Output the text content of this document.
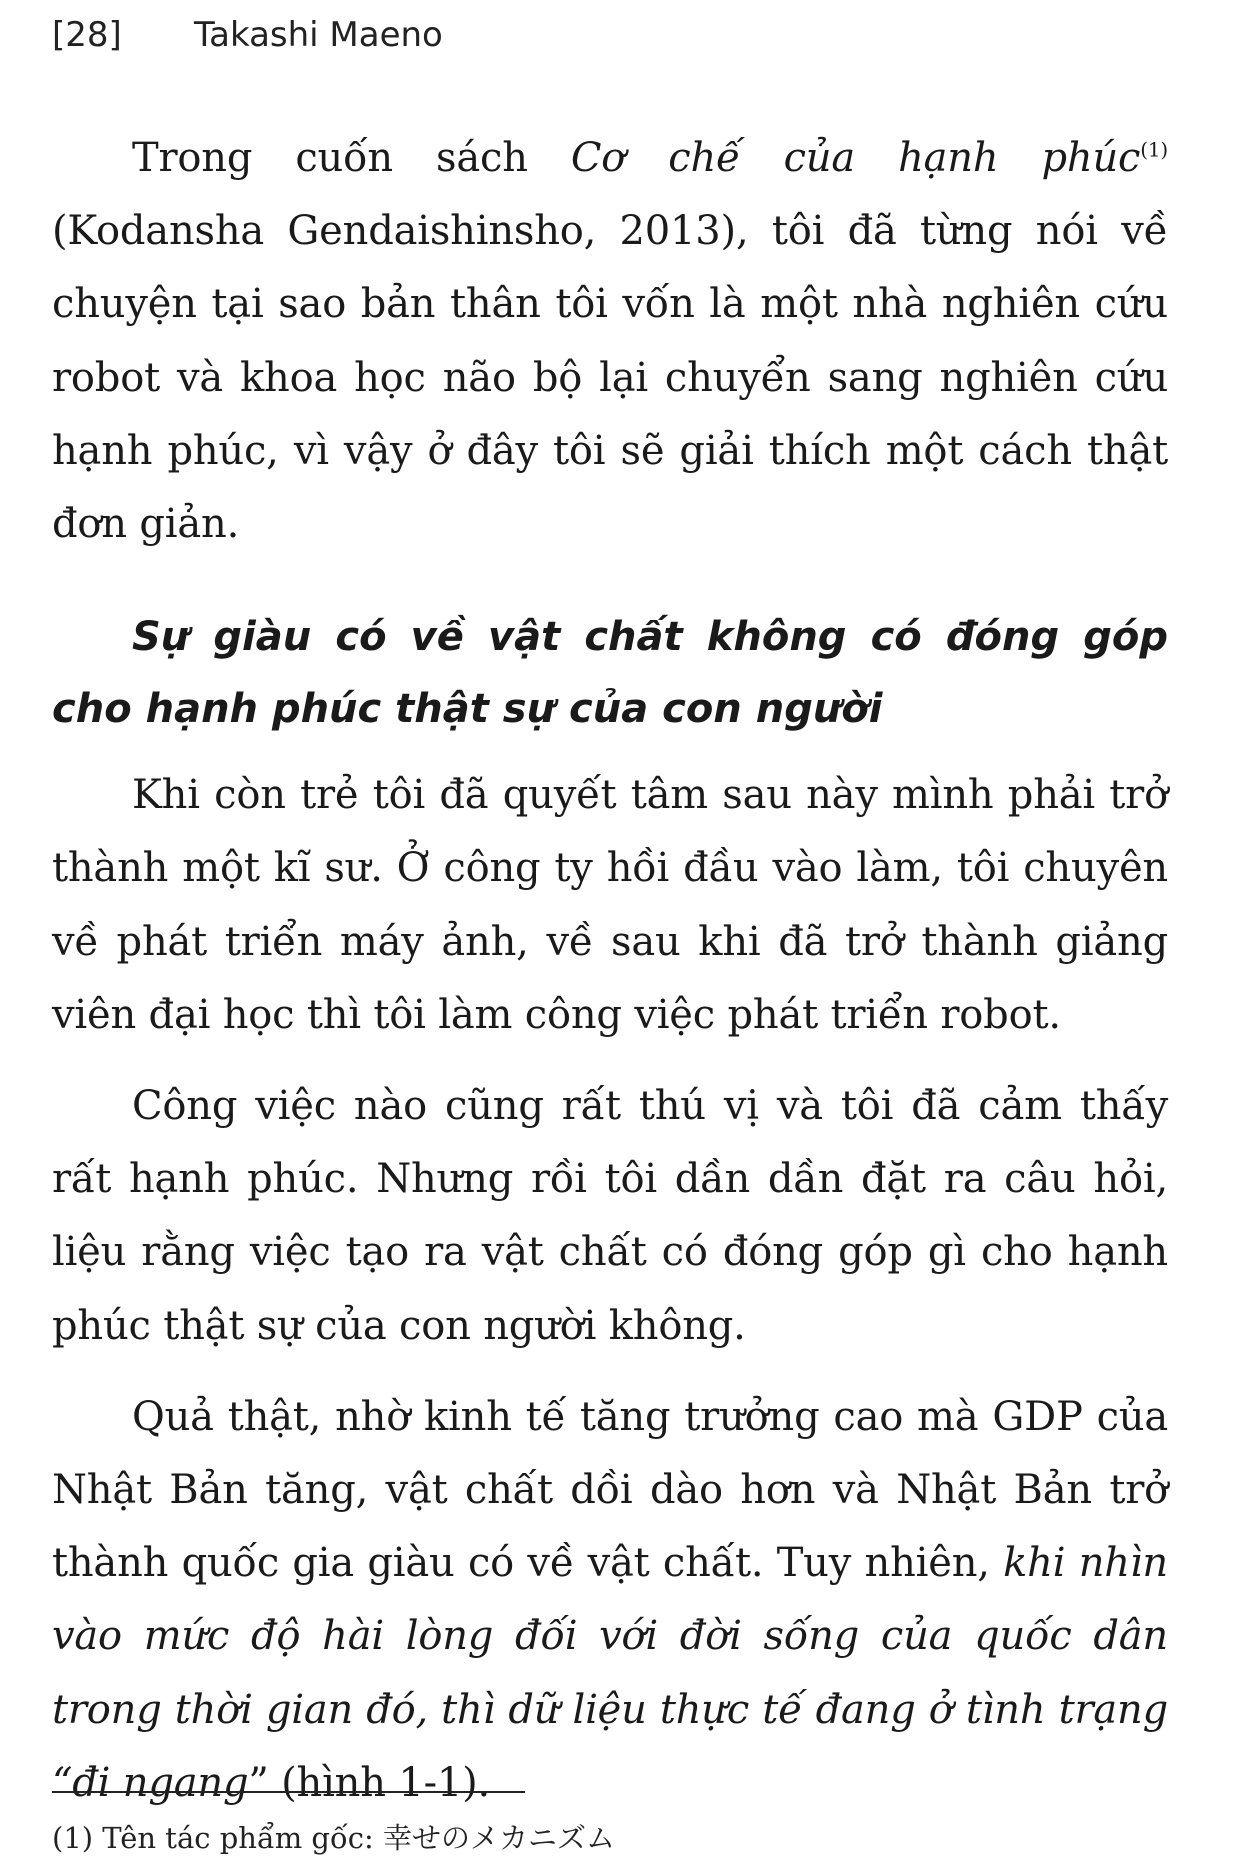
[28] Takashi Maeno

Trong cuốn sách Cơ chế của hạnh phúc$^{(1)}$ (Kodansha Gendaishinsho, 2013), tôi đã từng nói về chuyện tại sao bản thân tôi vốn là một nhà nghiên cứu robot và khoa học não bộ lại chuyển sang nghiên cứu hạnh phúc, vì vậy ở đây tôi sẽ giải thích một cách thật đơn giản.

Sự giàu có về vật chất không có đóng góp cho hạnh phúc thật sự của con người

Khi còn trẻ tôi đã quyết tâm sau này mình phải trở thành một kĩ sư. Ở công ty hồi đầu vào làm, tôi chuyên về phát triển máy ảnh, về sau khi đã trở thành giảng viên đại học thì tôi làm công việc phát triển robot.

Công việc nào cũng rất thú vị và tôi đã cảm thấy rất hạnh phúc. Nhưng rồi tôi dần dần đặt ra câu hỏi, liệu rằng việc tạo ra vật chất có đóng góp gì cho hạnh phúc thật sự của con người không.

Quả thật, nhờ kinh tế tăng trưởng cao mà GDP của Nhật Bản tăng, vật chất dồi dào hơn và Nhật Bản trở thành quốc gia giàu có về vật chất. Tuy nhiên, khi nhìn vào mức độ hài lòng đối với đời sống của quốc dân trong thời gian đó, thì dữ liệu thực tế đang ở tình trạng “đi ngang” (hình 1-1).

(1) Tên tác phẩm gốc: 幸せのメカニズム
